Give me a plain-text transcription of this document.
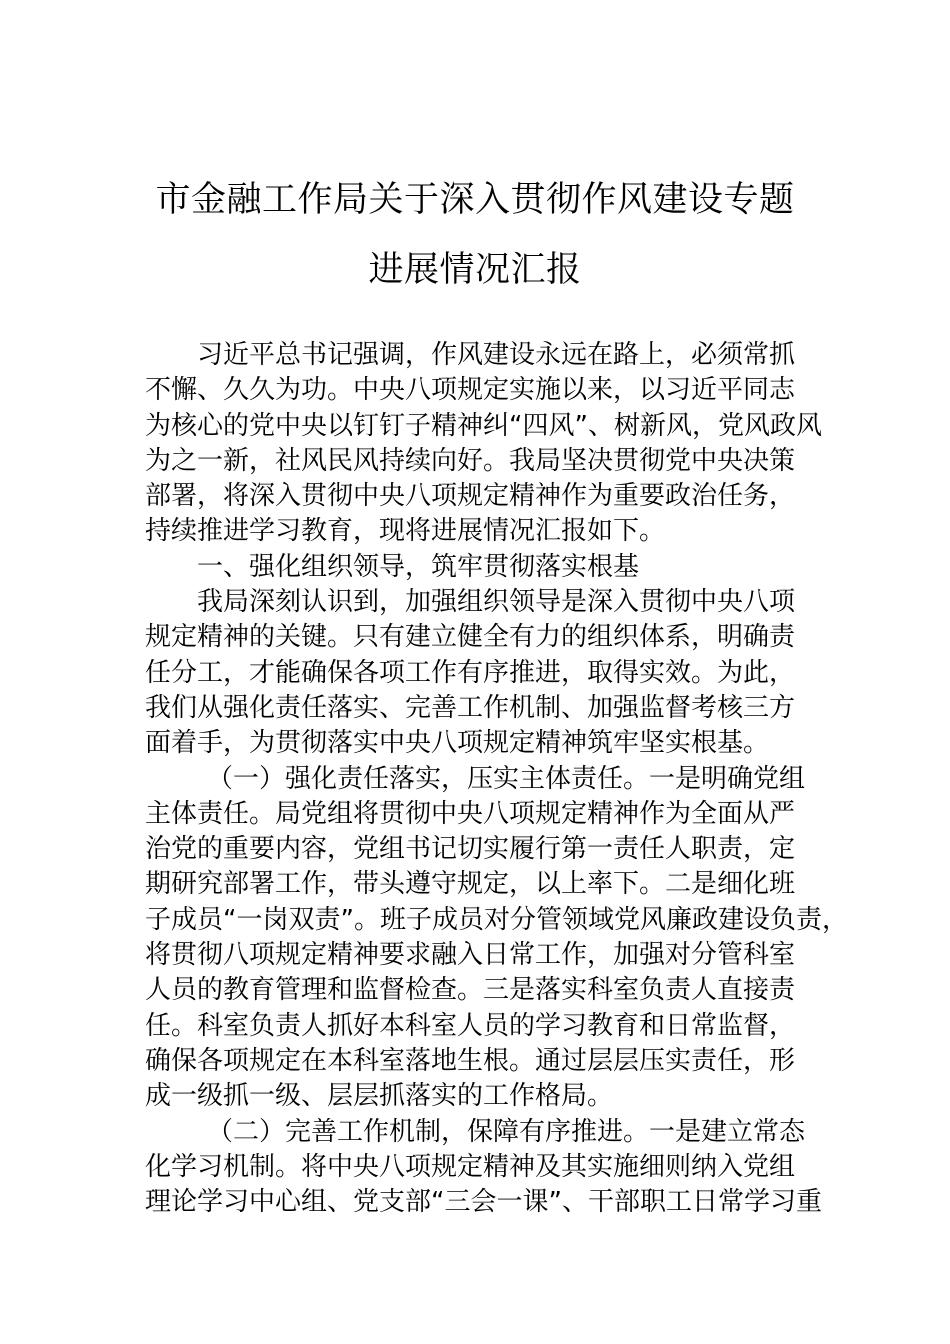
市金融工作局关于深入贯彻作风建设专题
进展情况汇报
习近平总书记强调，作风建设永远在路上，必须常抓
不懈、久久为功。中央八项规定实施以来，以习近平同志
为核心的党中央以钉钉子精神纠“四风”、树新风，党风政风
为之一新，社风民风持续向好。我局坚决贯彻党中央决策
部署，将深入贯彻中央八项规定精神作为重要政治任务，
持续推进学习教育，现将进展情况汇报如下。
一、强化组织领导，筑牢贯彻落实根基
我局深刻认识到，加强组织领导是深入贯彻中央八项
规定精神的关键。只有建立健全有力的组织体系，明确责
任分工，才能确保各项工作有序推进，取得实效。为此，
我们从强化责任落实、完善工作机制、加强监督考核三方
面着手，为贯彻落实中央八项规定精神筑牢坚实根基。
（一）强化责任落实，压实主体责任。一是明确党组
主体责任。局党组将贯彻中央八项规定精神作为全面从严
治党的重要内容，党组书记切实履行第一责任人职责，定
期研究部署工作，带头遵守规定，以上率下。二是细化班
子成员“一岗双责”。班子成员对分管领域党风廉政建设负责，
将贯彻八项规定精神要求融入日常工作，加强对分管科室
人员的教育管理和监督检查。三是落实科室负责人直接责
任。科室负责人抓好本科室人员的学习教育和日常监督，
确保各项规定在本科室落地生根。通过层层压实责任，形
成一级抓一级、层层抓落实的工作格局。
（二）完善工作机制，保障有序推进。一是建立常态
化学习机制。将中央八项规定精神及其实施细则纳入党组
理论学习中心组、党支部“三会一课”、干部职工日常学习重
